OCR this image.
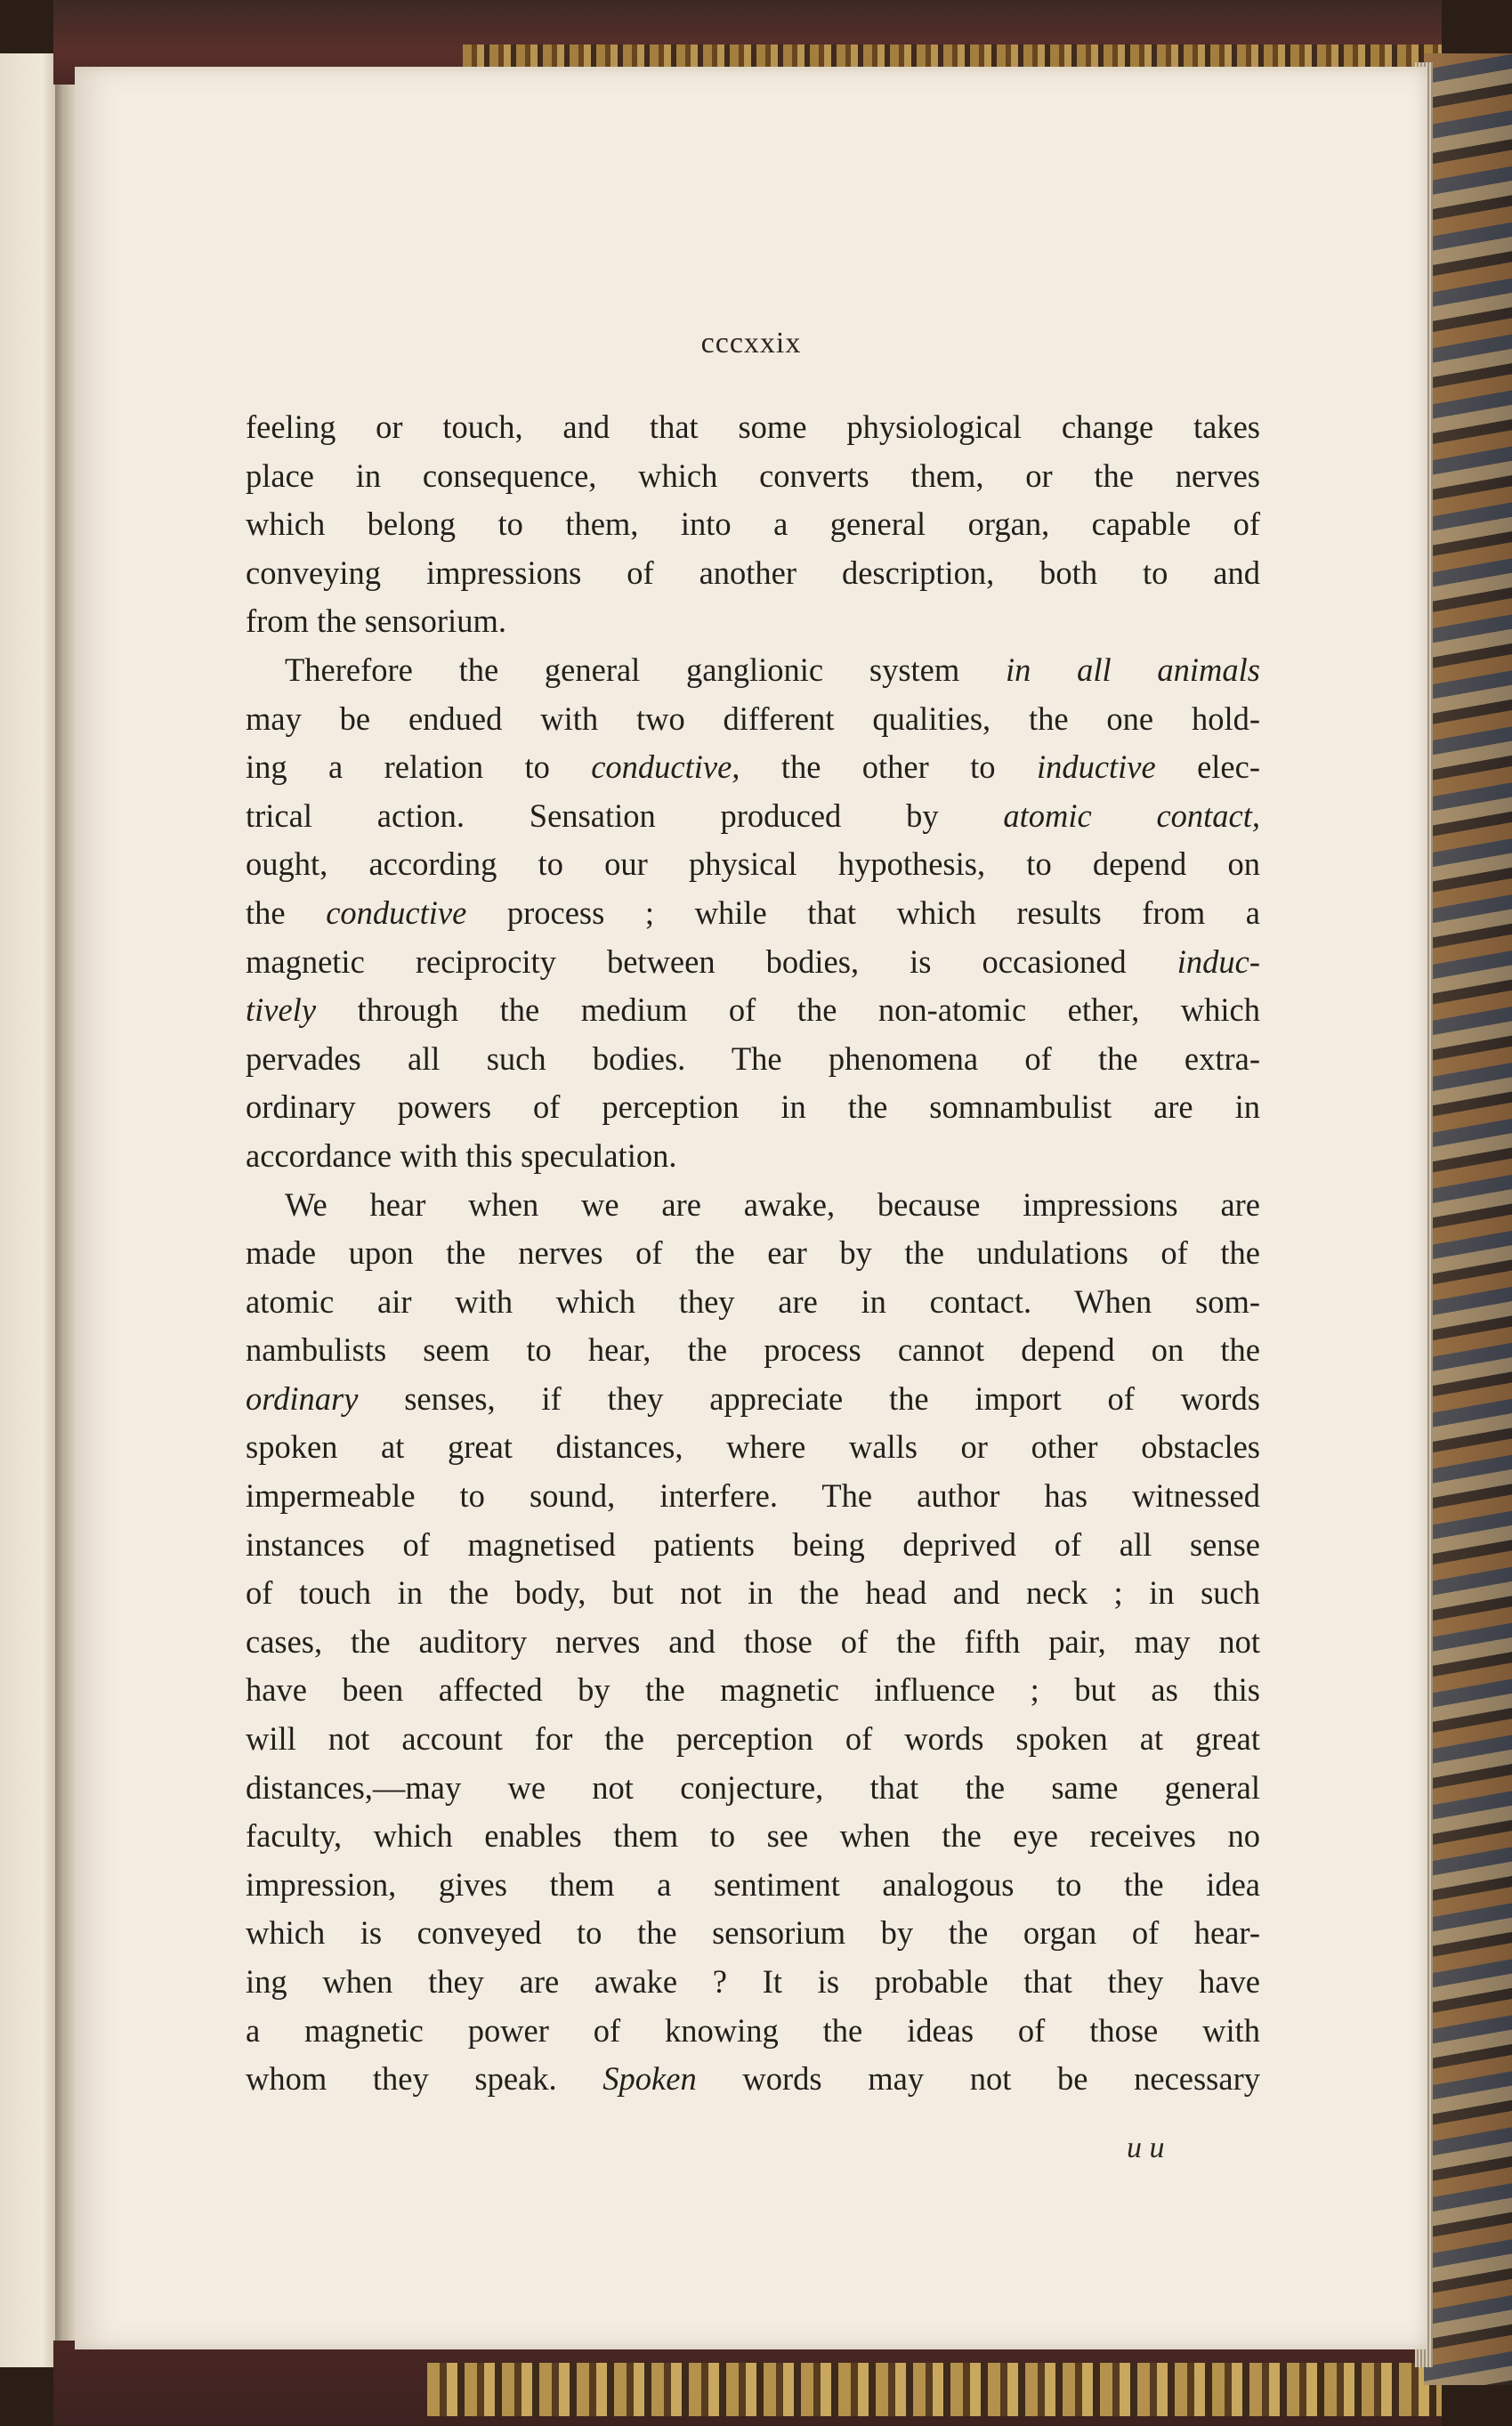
cccxxix
feeling or touch, and that some physiological change takes
place in consequence, which converts them, or the nerves
which belong to them, into a general organ, capable of
conveying impressions of another description, both to and
from the sensorium.
Therefore the general ganglionic system in all animals
may be endued with two different qualities, the one hold-
ing a relation to conductive, the other to inductive elec-
trical action. Sensation produced by atomic contact,
ought, according to our physical hypothesis, to depend on
the conductive process ; while that which results from a
magnetic reciprocity between bodies, is occasioned induc-
tively through the medium of the non-atomic ether, which
pervades all such bodies. The phenomena of the extra-
ordinary powers of perception in the somnambulist are in
accordance with this speculation.
We hear when we are awake, because impressions are
made upon the nerves of the ear by the undulations of the
atomic air with which they are in contact. When som-
nambulists seem to hear, the process cannot depend on the
ordinary senses, if they appreciate the import of words
spoken at great distances, where walls or other obstacles
impermeable to sound, interfere. The author has witnessed
instances of magnetised patients being deprived of all sense
of touch in the body, but not in the head and neck ; in such
cases, the auditory nerves and those of the fifth pair, may not
have been affected by the magnetic influence ; but as this
will not account for the perception of words spoken at great
distances,—may we not conjecture, that the same general
faculty, which enables them to see when the eye receives no
impression, gives them a sentiment analogous to the idea
which is conveyed to the sensorium by the organ of hear-
ing when they are awake ? It is probable that they have
a magnetic power of knowing the ideas of those with
whom they speak. Spoken words may not be necessary
u u
